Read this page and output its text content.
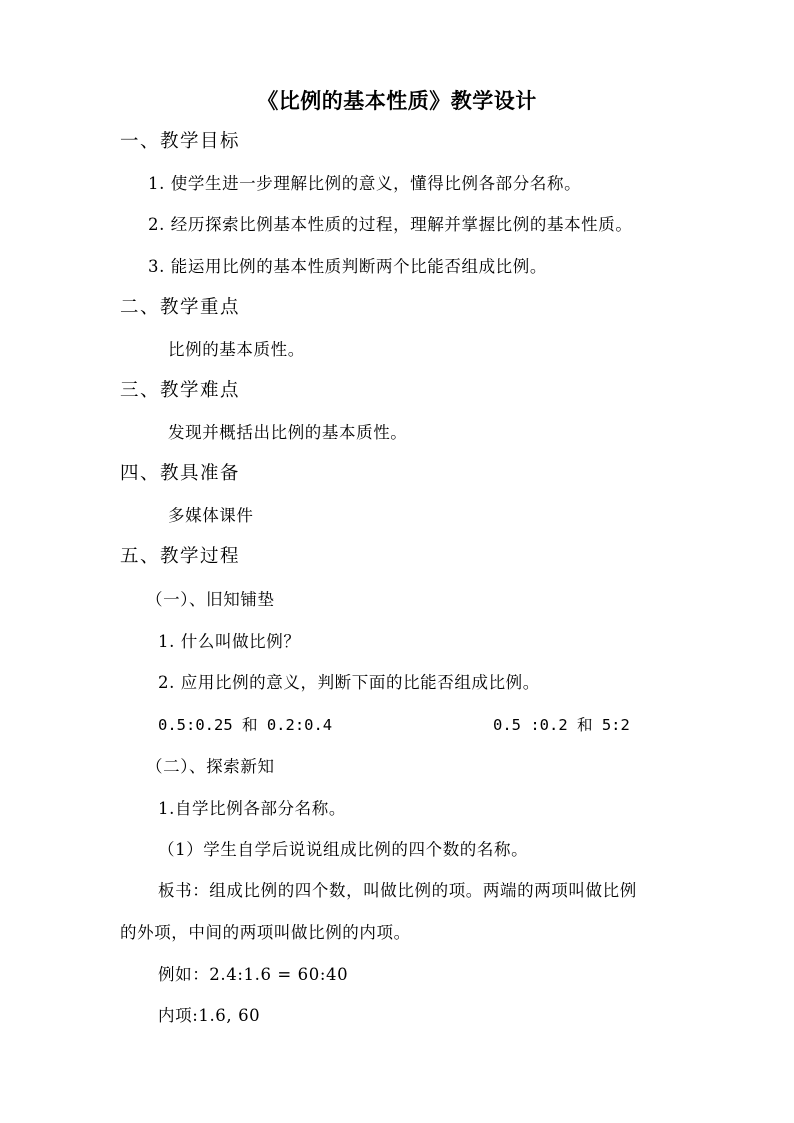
《比例的基本性质》教学设计
一、教学目标
1. 使学生进一步理解比例的意义，懂得比例各部分名称。
2. 经历探索比例基本性质的过程，理解并掌握比例的基本性质。
3. 能运用比例的基本性质判断两个比能否组成比例。
二、教学重点
比例的基本质性。
三、教学难点
发现并概括出比例的基本质性。
四、教具准备
多媒体课件
五、教学过程
（一）、旧知铺垫
1. 什么叫做比例？
2. 应用比例的意义，判断下面的比能否组成比例。
0.5:0.25 和 0.2:0.4	0.5 :0.2 和 5:2
（二）、探索新知
1.自学比例各部分名称。
（1）学生自学后说说组成比例的四个数的名称。
板书：组成比例的四个数，叫做比例的项。两端的两项叫做比例
的外项，中间的两项叫做比例的内项。
例如：2.4:1.6 = 60:40
内项:1.6, 60
